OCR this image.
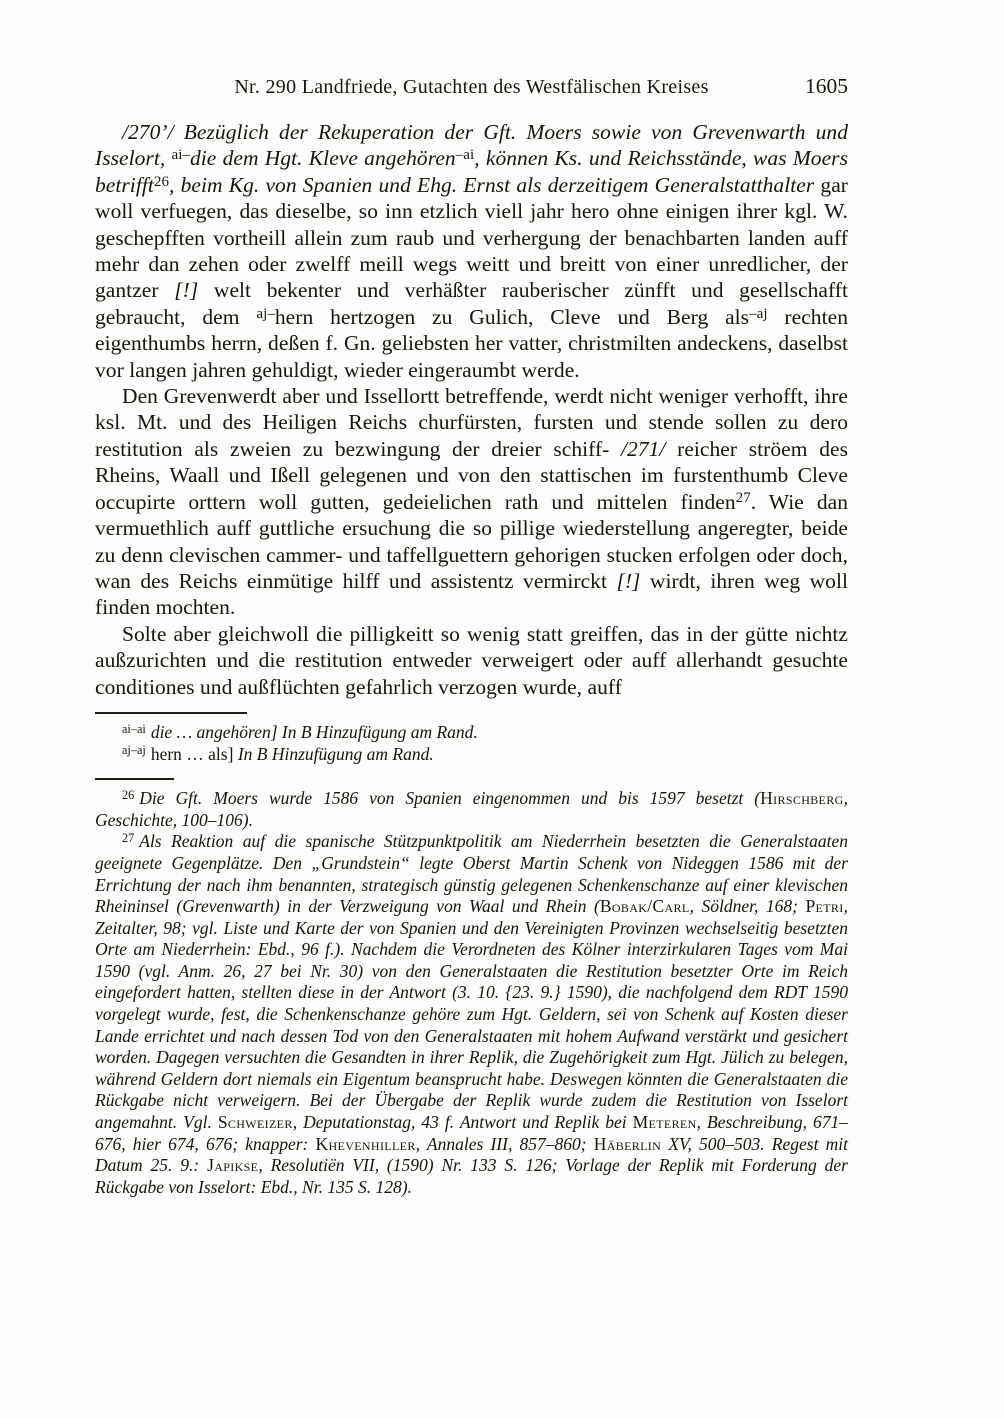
Nr. 290 Landfriede, Gutachten des Westfälischen Kreises	1605

/270’/ Bezüglich der Rekuperation der Gft. Moers sowie von Grevenwarth und Isselort, $^{ai-}$die dem Hgt. Kleve angehören$^{-ai}$, können Ks. und Reichsstände, was Moers betrifft$^{26}$, beim Kg. von Spanien und Ehg. Ernst als derzeitigem Generalstatthalter gar woll verfuegen, das dieselbe, so inn etzlich viell jahr hero ohne einigen ihrer kgl. W. geschepfften vortheill allein zum raub und verhergung der benachbarten landen auff mehr dan zehen oder zwelff meill wegs weitt und breitt von einer unredlicher, der gantzer [!] welt bekenter und verhäßter rauberischer zünfft und gesellschafft gebraucht, dem $^{aj-}$hern hertzogen zu Gulich, Cleve und Berg als$^{-aj}$ rechten eigenthumbs herrn, deßen f. Gn. geliebsten her vatter, christmilten andeckens, daselbst vor langen jahren gehuldigt, wieder eingeraumbt werde.

Den Grevenwerdt aber und Issellortt betreffende, werdt nicht weniger verhofft, ihre ksl. Mt. und des Heiligen Reichs churfürsten, fursten und stende sollen zu dero restitution als zweien zu bezwingung der dreier schiff- /271/ reicher ströem des Rheins, Waall und Ißell gelegenen und von den stattischen im furstenthumb Cleve occupirte orttern woll gutten, gedeielichen rath und mittelen finden$^{27}$. Wie dan vermuethlich auff guttliche ersuchung die so pillige wiederstellung angeregter, beide zu denn clevischen cammer- und taffellguettern gehorigen stucken erfolgen oder doch, wan des Reichs einmütige hilff und assistentz vermirckt [!] wirdt, ihren weg woll finden mochten.

Solte aber gleichwoll die pilligkeitt so wenig statt greiffen, das in der gütte nichtz außzurichten und die restitution entweder verweigert oder auff allerhandt gesuchte conditiones und außflüchten gefahrlich verzogen wurde, auff

$^{ai-ai}$ die … angehören] In B Hinzufügung am Rand.

$^{aj-aj}$ hern … als] In B Hinzufügung am Rand.

$^{26}$ Die Gft. Moers wurde 1586 von Spanien eingenommen und bis 1597 besetzt (Hirschberg, Geschichte, 100–106).

$^{27}$ Als Reaktion auf die spanische Stützpunktpolitik am Niederrhein besetzten die Generalstaaten geeignete Gegenplätze. Den „Grundstein“ legte Oberst Martin Schenk von Nideggen 1586 mit der Errichtung der nach ihm benannten, strategisch günstig gelegenen Schenkenschanze auf einer klevischen Rheininsel (Grevenwarth) in der Verzweigung von Waal und Rhein (Bobak/Carl, Söldner, 168; Petri, Zeitalter, 98; vgl. Liste und Karte der von Spanien und den Vereinigten Provinzen wechselseitig besetzten Orte am Niederrhein: Ebd., 96 f.). Nachdem die Verordneten des Kölner interzirkularen Tages vom Mai 1590 (vgl. Anm. 26, 27 bei Nr. 30) von den Generalstaaten die Restitution besetzter Orte im Reich eingefordert hatten, stellten diese in der Antwort (3. 10. {23. 9.} 1590), die nachfolgend dem RDT 1590 vorgelegt wurde, fest, die Schenkenschanze gehöre zum Hgt. Geldern, sei von Schenk auf Kosten dieser Lande errichtet und nach dessen Tod von den Generalstaaten mit hohem Aufwand verstärkt und gesichert worden. Dagegen versuchten die Gesandten in ihrer Replik, die Zugehörigkeit zum Hgt. Jülich zu belegen, während Geldern dort niemals ein Eigentum beansprucht habe. Deswegen könnten die Generalstaaten die Rückgabe nicht verweigern. Bei der Übergabe der Replik wurde zudem die Restitution von Isselort angemahnt. Vgl. Schweizer, Deputationstag, 43 f. Antwort und Replik bei Meteren, Beschreibung, 671–676, hier 674, 676; knapper: Khevenhiller, Annales III, 857–860; Häberlin XV, 500–503. Regest mit Datum 25. 9.: Japikse, Resolutiën VII, (1590) Nr. 133 S. 126; Vorlage der Replik mit Forderung der Rückgabe von Isselort: Ebd., Nr. 135 S. 128).
